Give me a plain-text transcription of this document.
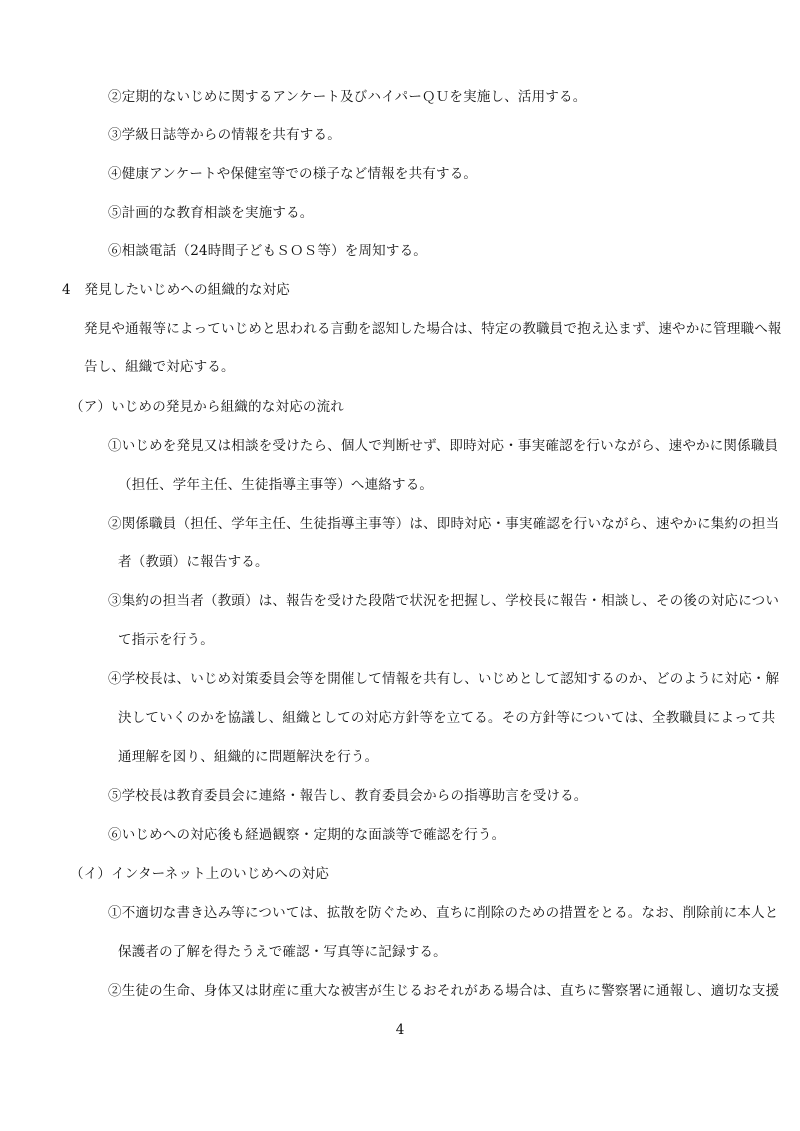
②定期的ないじめに関するアンケート及びハイパーＱＵを実施し、活用する。
③学級日誌等からの情報を共有する。
④健康アンケートや保健室等での様子など情報を共有する。
⑤計画的な教育相談を実施する。
⑥相談電話（24時間子どもＳＯＳ等）を周知する。
4　発見したいじめへの組織的な対応
発見や通報等によっていじめと思われる言動を認知した場合は、特定の教職員で抱え込まず、速やかに管理職へ報
告し、組織で対応する。
（ア）いじめの発見から組織的な対応の流れ
①いじめを発見又は相談を受けたら、個人で判断せず、即時対応・事実確認を行いながら、速やかに関係職員
（担任、学年主任、生徒指導主事等）へ連絡する。
②関係職員（担任、学年主任、生徒指導主事等）は、即時対応・事実確認を行いながら、速やかに集約の担当
者（教頭）に報告する。
③集約の担当者（教頭）は、報告を受けた段階で状況を把握し、学校長に報告・相談し、その後の対応につい
て指示を行う。
④学校長は、いじめ対策委員会等を開催して情報を共有し、いじめとして認知するのか、どのように対応・解
決していくのかを協議し、組織としての対応方針等を立てる。その方針等については、全教職員によって共
通理解を図り、組織的に問題解決を行う。
⑤学校長は教育委員会に連絡・報告し、教育委員会からの指導助言を受ける。
⑥いじめへの対応後も経過観察・定期的な面談等で確認を行う。
（イ）インターネット上のいじめへの対応
①不適切な書き込み等については、拡散を防ぐため、直ちに削除のための措置をとる。なお、削除前に本人と
保護者の了解を得たうえで確認・写真等に記録する。
②生徒の生命、身体又は財産に重大な被害が生じるおそれがある場合は、直ちに警察署に通報し、適切な支援
4
